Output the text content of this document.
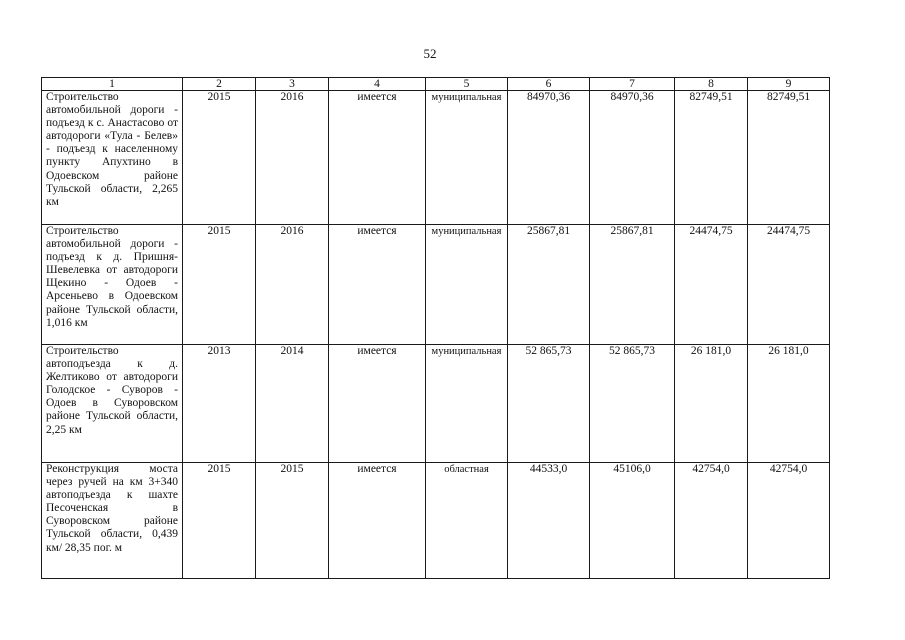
52
1	2	3	4	5	6	7	8	9
Строительство автомобильной дороги - подъезд к с. Анастасово от автодороги «Тула - Белев» - подъезд к населенному пункту Апухтино в Одоевском районе Тульской области, 2,265 км	2015	2016	имеется	муниципальная	84970,36	84970,36	82749,51	82749,51
Строительство автомобильной дороги - подъезд к д. Пришня-Шевелевка от автодороги Щекино - Одоев - Арсеньево в Одоевском районе Тульской области, 1,016 км	2015	2016	имеется	муниципальная	25867,81	25867,81	24474,75	24474,75
Строительство автоподъезда к д. Желтиково от автодороги Голодское - Суворов - Одоев в Суворовском районе Тульской области, 2,25 км	2013	2014	имеется	муниципальная	52 865,73	52 865,73	26 181,0	26 181,0
Реконструкция моста через ручей на км 3+340 автоподъезда к шахте Песоченская в Суворовском районе Тульской области, 0,439 км/ 28,35 пог. м	2015	2015	имеется	областная	44533,0	45106,0	42754,0	42754,0
